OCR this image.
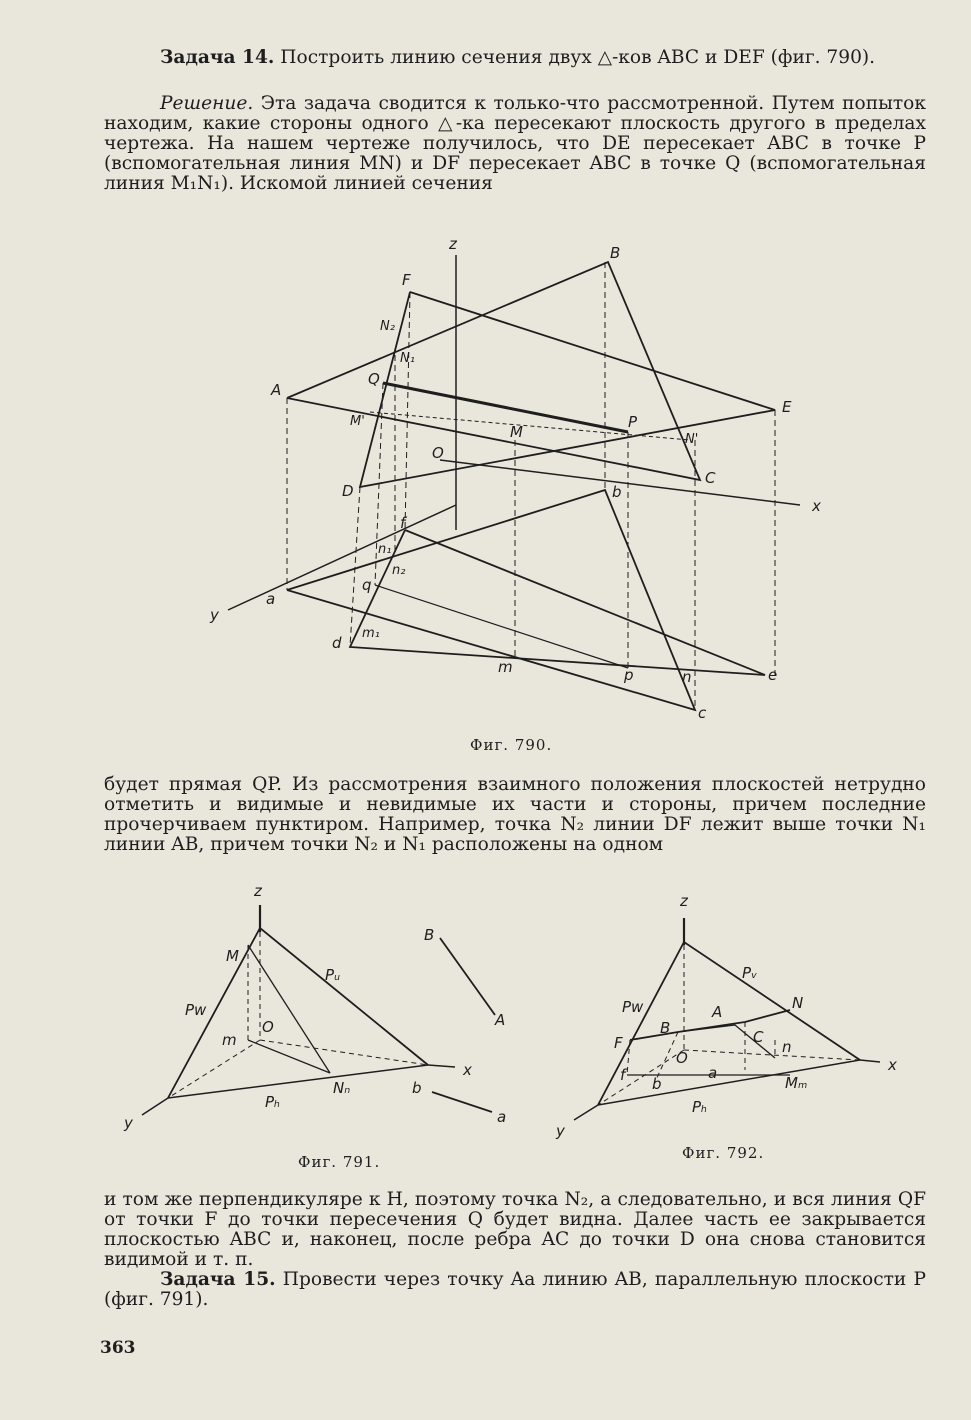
Задача 14. Построить линию сечения двух △-ков ABC и DEF (фиг. 790).

Решение. Эта задача сводится к только-что рассмотренной. Путем попыток находим, какие стороны одного △-ка пересекают плоскость другого в пределах чертежа. На нашем чертеже получилось, что DE пересекает ABC в точке P (вспомогательная линия MN) и DF пересекает ABC в точке Q (вспомогательная линия M₁N₁). Искомой линией сечения

z	B
F
N₂
N₁
Q
A
E
M'	P
M	N'
O
C
D	b
x
f
n₁
n₂
a
q
y
m₁
d
m	p	n	e
c
Фиг. 790.

будет прямая QP. Из рассмотрения взаимного положения плоскостей нетрудно отметить и видимые и невидимые их части и стороны, причем последние прочерчиваем пунктиром. Например, точка N₂ линии DF лежит выше точки N₁ линии AB, причем точки N₂ и N₁ расположены на одном

z
M
Pᵤ
B
Pw
O
m
A
x
Nₙ
Pₕ
b
a
y
Фиг. 791.
z
Pᵥ
N
Pw	A
B
F	C
O
n
f b
a
Mₘ
Pₕ
x
y
Фиг. 792.

и том же перпендикуляре к H, поэтому точка N₂, а следовательно, и вся линия QF от точки F до точки пересечения Q будет видна. Далее часть ее закрывается плоскостью ABC и, наконец, после ребра AC до точки D она снова становится видимой и т. п.

Задача 15. Провести через точку Aa линию AB, параллельную плоскости P (фиг. 791).

363
